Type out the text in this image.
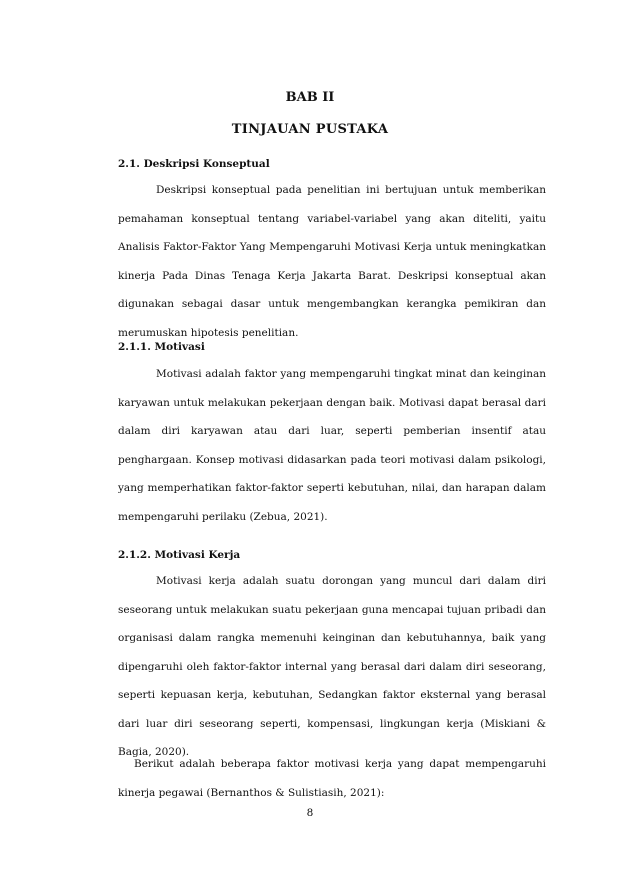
BAB II
TINJAUAN PUSTAKA
2.1. Deskripsi Konseptual

Deskripsi konseptual pada penelitian ini bertujuan untuk memberikan pemahaman konseptual tentang variabel-variabel yang akan diteliti, yaitu Analisis Faktor-Faktor Yang Mempengaruhi Motivasi Kerja untuk meningkatkan kinerja Pada Dinas Tenaga Kerja Jakarta Barat. Deskripsi konseptual akan digunakan sebagai dasar untuk mengembangkan kerangka pemikiran dan merumuskan hipotesis penelitian.

2.1.1. Motivasi

Motivasi adalah faktor yang mempengaruhi tingkat minat dan keinginan karyawan untuk melakukan pekerjaan dengan baik. Motivasi dapat berasal dari dalam diri karyawan atau dari luar, seperti pemberian insentif atau penghargaan. Konsep motivasi didasarkan pada teori motivasi dalam psikologi, yang memperhatikan faktor-faktor seperti kebutuhan, nilai, dan harapan dalam mempengaruhi perilaku (Zebua, 2021).

2.1.2. Motivasi Kerja

Motivasi kerja adalah suatu dorongan yang muncul dari dalam diri seseorang untuk melakukan suatu pekerjaan guna mencapai tujuan pribadi dan organisasi dalam rangka memenuhi keinginan dan kebutuhannya, baik yang dipengaruhi oleh faktor-faktor internal yang berasal dari dalam diri seseorang, seperti kepuasan kerja, kebutuhan, Sedangkan faktor eksternal yang berasal dari luar diri seseorang seperti, kompensasi, lingkungan kerja (Miskiani & Bagia, 2020).

Berikut adalah beberapa faktor motivasi kerja yang dapat mempengaruhi kinerja pegawai (Bernanthos & Sulistiasih, 2021):

8
